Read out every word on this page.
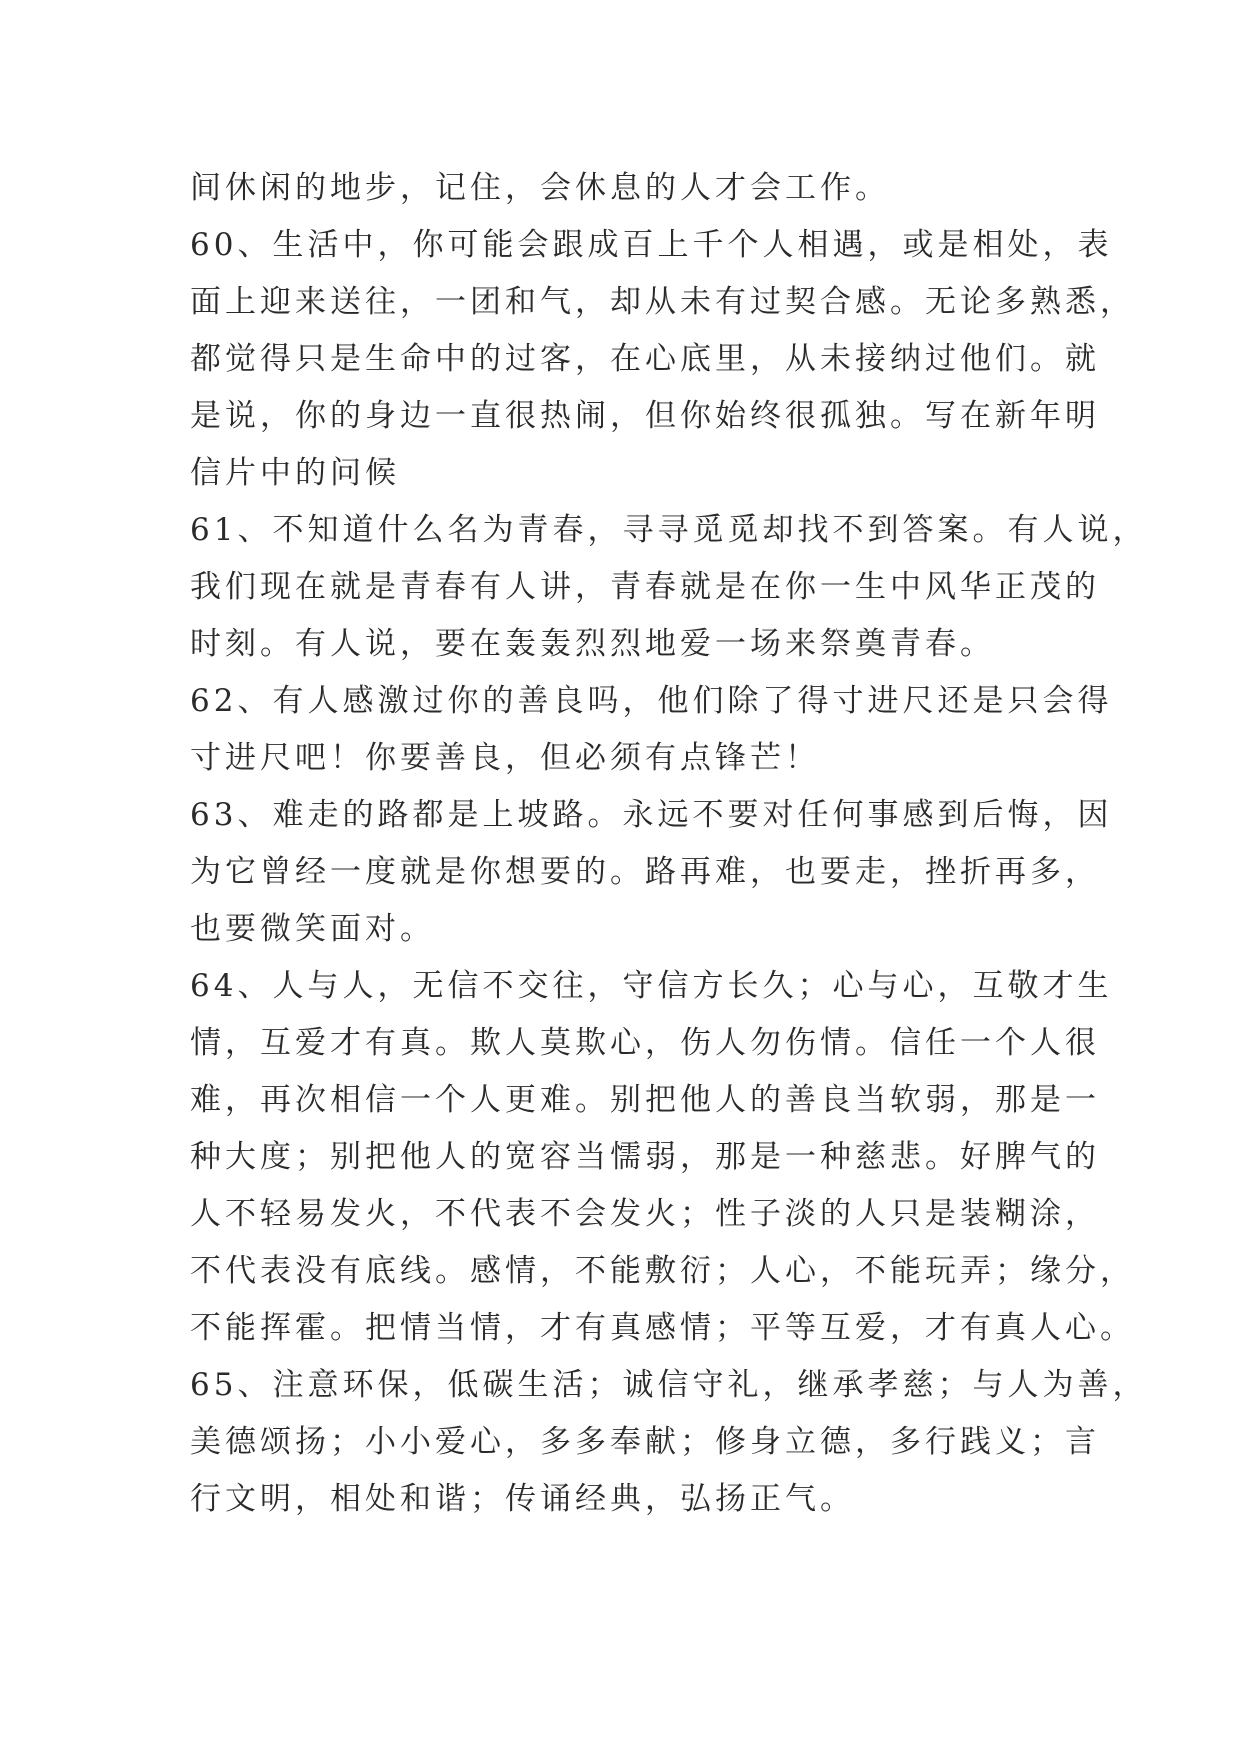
间休闲的地步，记住，会休息的人才会工作。
60、生活中，你可能会跟成百上千个人相遇，或是相处，表
面上迎来送往，一团和气，却从未有过契合感。无论多熟悉，
都觉得只是生命中的过客，在心底里，从未接纳过他们。就
是说，你的身边一直很热闹，但你始终很孤独。写在新年明
信片中的问候
61、不知道什么名为青春，寻寻觅觅却找不到答案。有人说，
我们现在就是青春有人讲，青春就是在你一生中风华正茂的
时刻。有人说，要在轰轰烈烈地爱一场来祭奠青春。
62、有人感激过你的善良吗，他们除了得寸进尺还是只会得
寸进尺吧！你要善良，但必须有点锋芒！
63、难走的路都是上坡路。永远不要对任何事感到后悔，因
为它曾经一度就是你想要的。路再难，也要走，挫折再多，
也要微笑面对。
64、人与人，无信不交往，守信方长久；心与心，互敬才生
情，互爱才有真。欺人莫欺心，伤人勿伤情。信任一个人很
难，再次相信一个人更难。别把他人的善良当软弱，那是一
种大度；别把他人的宽容当懦弱，那是一种慈悲。好脾气的
人不轻易发火，不代表不会发火；性子淡的人只是装糊涂，
不代表没有底线。感情，不能敷衍；人心，不能玩弄；缘分，
不能挥霍。把情当情，才有真感情；平等互爱，才有真人心。
65、注意环保，低碳生活；诚信守礼，继承孝慈；与人为善，
美德颂扬；小小爱心，多多奉献；修身立德，多行践义；言
行文明，相处和谐；传诵经典，弘扬正气。
